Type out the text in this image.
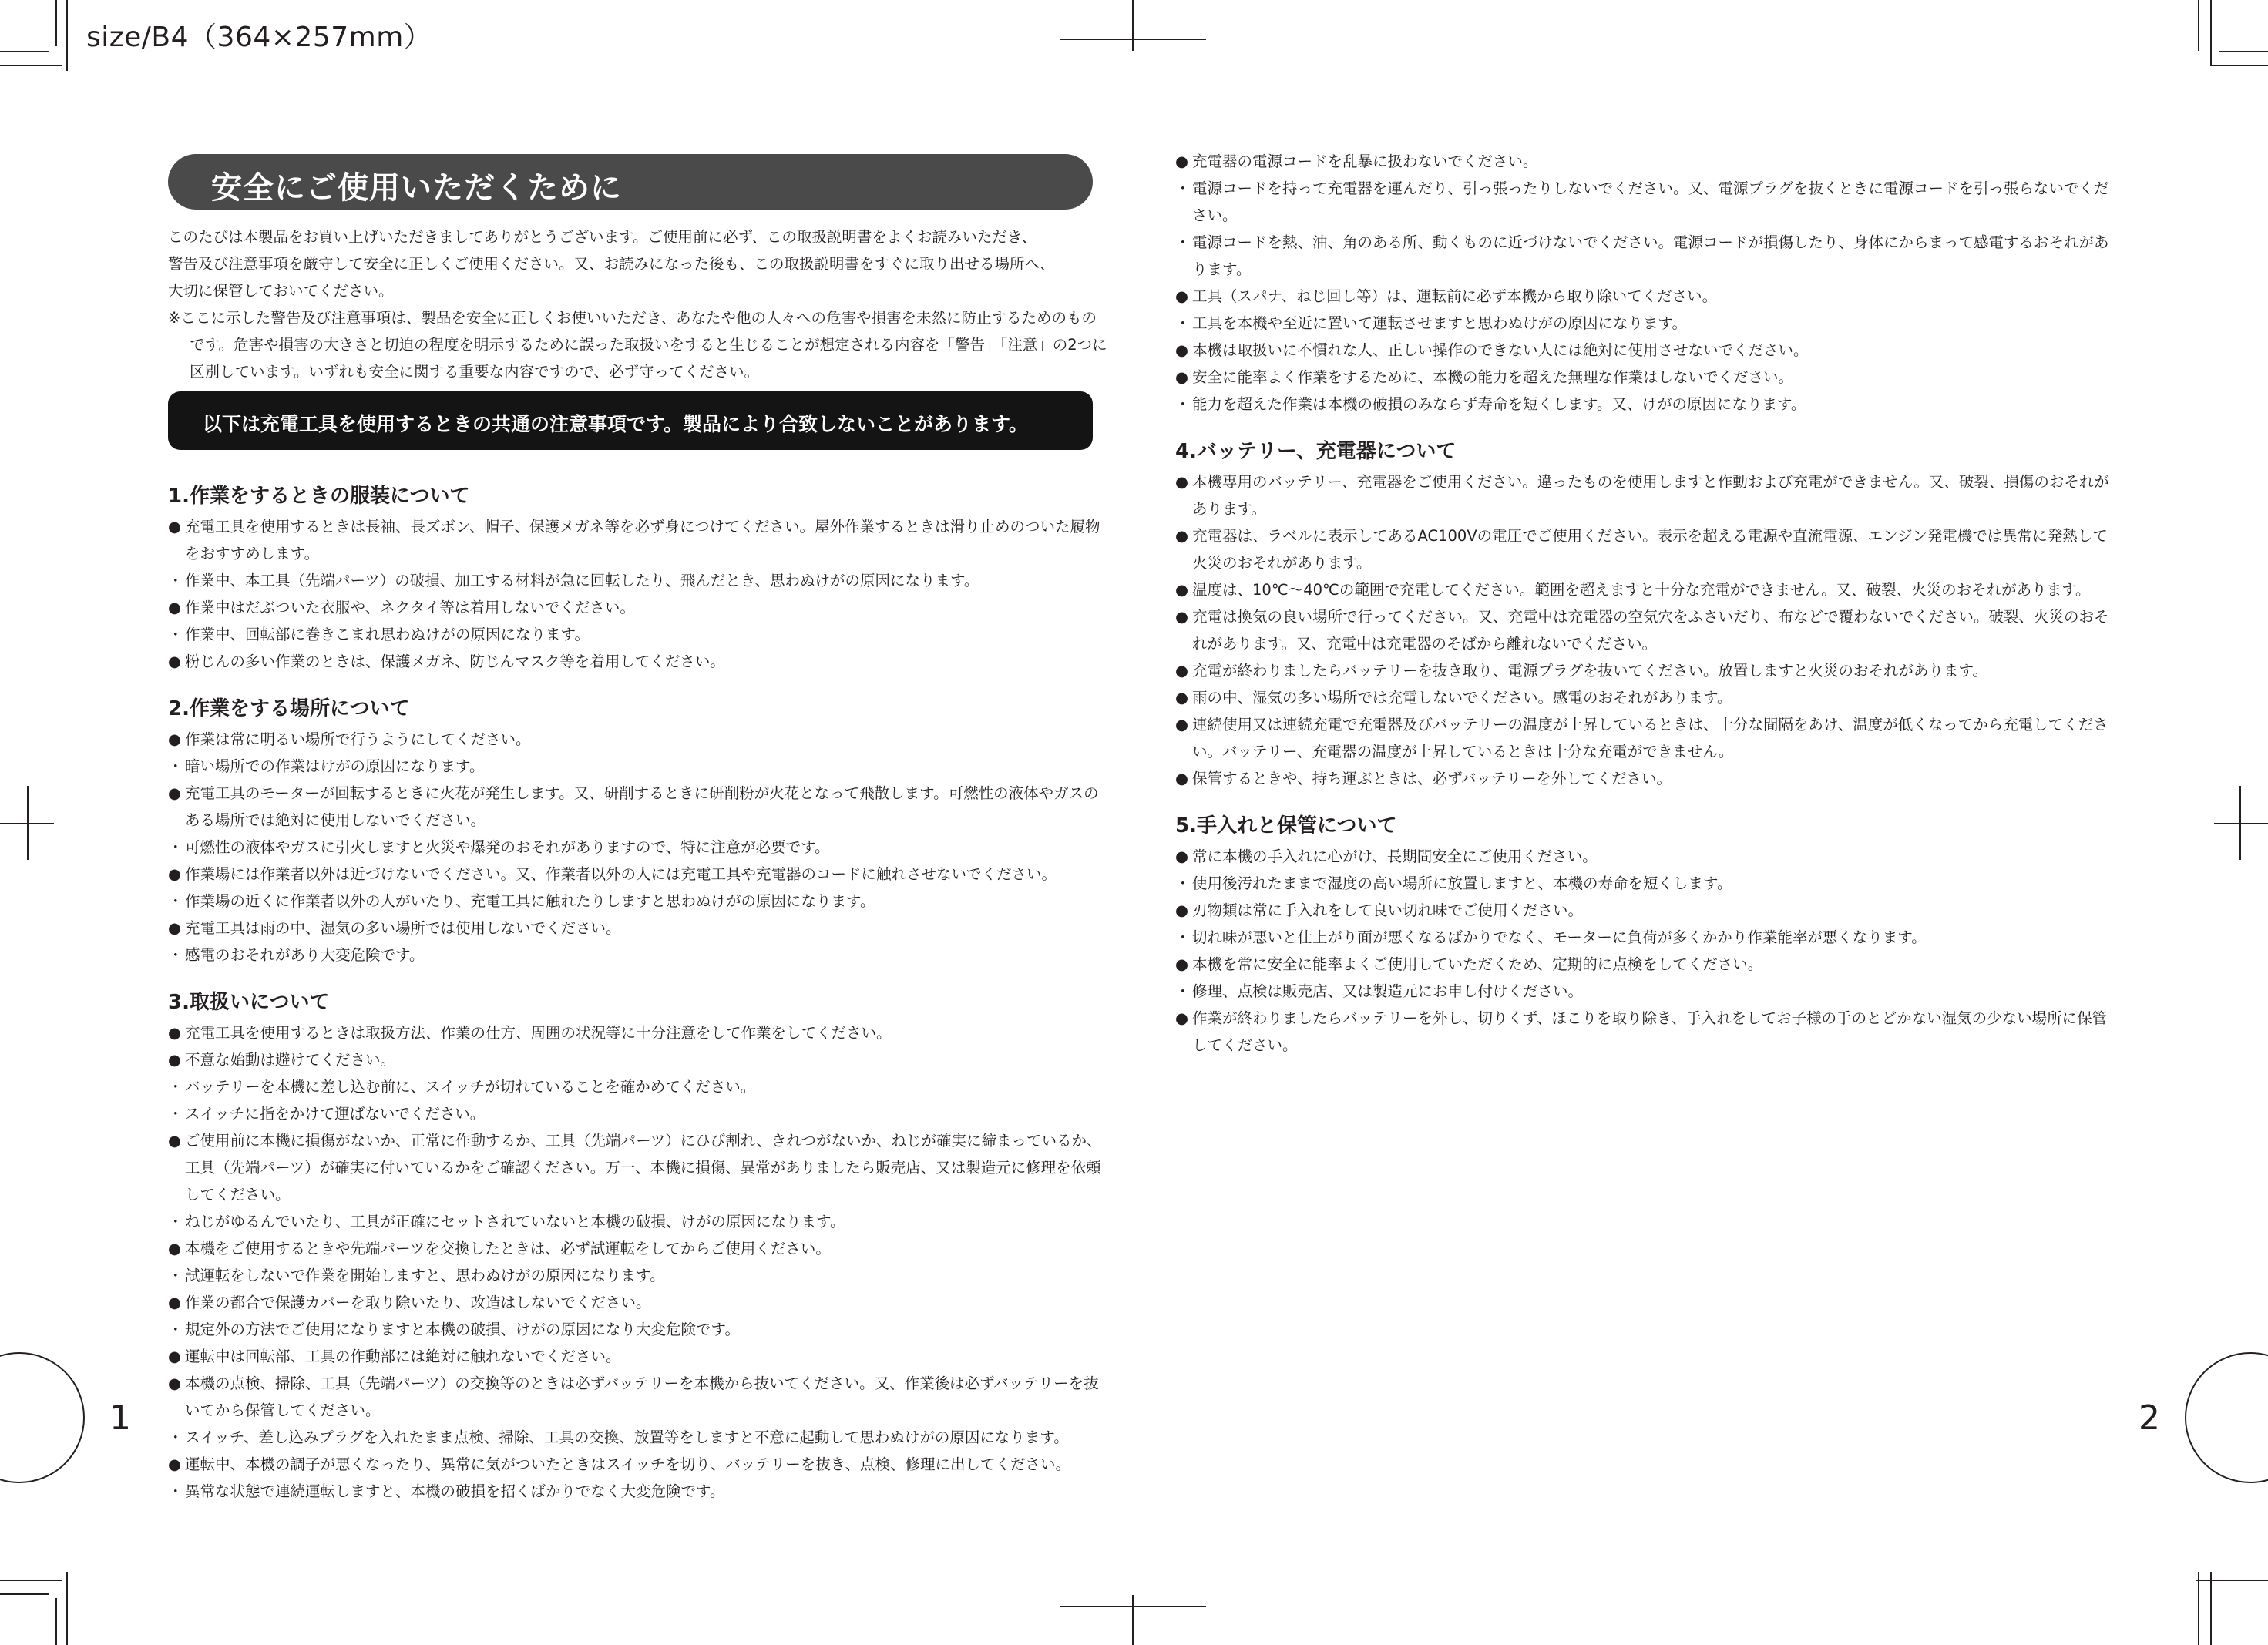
size/B4（364×257mm）
1	2
安全にご使用いただくために

このたびは本製品をお買い上げいただきましてありがとうございます。ご使用前に必ず、この取扱説明書をよくお読みいただき、

警告及び注意事項を厳守して安全に正しくご使用ください。又、お読みになった後も、この取扱説明書をすぐに取り出せる場所へ、

大切に保管しておいてください。

※ここに示した警告及び注意事項は、製品を安全に正しくお使いいただき、あなたや他の人々への危害や損害を未然に防止するためのものです。危害や損害の大きさと切迫の程度を明示するために誤った取扱いをすると生じることが想定される内容を「警告」「注意」の2つに区別しています。いずれも安全に関する重要な内容ですので、必ず守ってください。

以下は充電工具を使用するときの共通の注意事項です。製品により合致しないことがあります。
1.作業をするときの服装について
● 充電工具を使用するときは長袖、長ズボン、帽子、保護メガネ等を必ず身につけてください。屋外作業するときは滑り止めのついた履物をおすすめします。
・ 作業中、本工具（先端パーツ）の破損、加工する材料が急に回転したり、飛んだとき、思わぬけがの原因になります。
● 作業中はだぶついた衣服や、ネクタイ等は着用しないでください。
・ 作業中、回転部に巻きこまれ思わぬけがの原因になります。
● 粉じんの多い作業のときは、保護メガネ、防じんマスク等を着用してください。
2.作業をする場所について
● 作業は常に明るい場所で行うようにしてください。
・ 暗い場所での作業はけがの原因になります。
● 充電工具のモーターが回転するときに火花が発生します。又、研削するときに研削粉が火花となって飛散します。可燃性の液体やガスのある場所では絶対に使用しないでください。
・ 可燃性の液体やガスに引火しますと火災や爆発のおそれがありますので、特に注意が必要です。
● 作業場には作業者以外は近づけないでください。又、作業者以外の人には充電工具や充電器のコードに触れさせないでください。
・ 作業場の近くに作業者以外の人がいたり、充電工具に触れたりしますと思わぬけがの原因になります。
● 充電工具は雨の中、湿気の多い場所では使用しないでください。
・ 感電のおそれがあり大変危険です。
3.取扱いについて
● 充電工具を使用するときは取扱方法、作業の仕方、周囲の状況等に十分注意をして作業をしてください。
● 不意な始動は避けてください。
・ バッテリーを本機に差し込む前に、スイッチが切れていることを確かめてください。
・ スイッチに指をかけて運ばないでください。
● ご使用前に本機に損傷がないか、正常に作動するか、工具（先端パーツ）にひび割れ、きれつがないか、ねじが確実に締まっているか、工具（先端パーツ）が確実に付いているかをご確認ください。万一、本機に損傷、異常がありましたら販売店、又は製造元に修理を依頼してください。
・ ねじがゆるんでいたり、工具が正確にセットされていないと本機の破損、けがの原因になります。
● 本機をご使用するときや先端パーツを交換したときは、必ず試運転をしてからご使用ください。
・ 試運転をしないで作業を開始しますと、思わぬけがの原因になります。
● 作業の都合で保護カバーを取り除いたり、改造はしないでください。
・ 規定外の方法でご使用になりますと本機の破損、けがの原因になり大変危険です。
● 運転中は回転部、工具の作動部には絶対に触れないでください。
● 本機の点検、掃除、工具（先端パーツ）の交換等のときは必ずバッテリーを本機から抜いてください。又、作業後は必ずバッテリーを抜いてから保管してください。
・ スイッチ、差し込みプラグを入れたまま点検、掃除、工具の交換、放置等をしますと不意に起動して思わぬけがの原因になります。
● 運転中、本機の調子が悪くなったり、異常に気がついたときはスイッチを切り、バッテリーを抜き、点検、修理に出してください。
・ 異常な状態で連続運転しますと、本機の破損を招くばかりでなく大変危険です。
● 充電器の電源コードを乱暴に扱わないでください。
・ 電源コードを持って充電器を運んだり、引っ張ったりしないでください。又、電源プラグを抜くときに電源コードを引っ張らないでください。
・ 電源コードを熱、油、角のある所、動くものに近づけないでください。電源コードが損傷したり、身体にからまって感電するおそれがあります。
● 工具（スパナ、ねじ回し等）は、運転前に必ず本機から取り除いてください。
・ 工具を本機や至近に置いて運転させますと思わぬけがの原因になります。
● 本機は取扱いに不慣れな人、正しい操作のできない人には絶対に使用させないでください。
● 安全に能率よく作業をするために、本機の能力を超えた無理な作業はしないでください。
・ 能力を超えた作業は本機の破損のみならず寿命を短くします。又、けがの原因になります。
4.バッテリー、充電器について
● 本機専用のバッテリー、充電器をご使用ください。違ったものを使用しますと作動および充電ができません。又、破裂、損傷のおそれがあります。
● 充電器は、ラベルに表示してあるAC100Vの電圧でご使用ください。表示を超える電源や直流電源、エンジン発電機では異常に発熱して火災のおそれがあります。
● 温度は、10℃～40℃の範囲で充電してください。範囲を超えますと十分な充電ができません。又、破裂、火災のおそれがあります。
● 充電は換気の良い場所で行ってください。又、充電中は充電器の空気穴をふさいだり、布などで覆わないでください。破裂、火災のおそれがあります。又、充電中は充電器のそばから離れないでください。
● 充電が終わりましたらバッテリーを抜き取り、電源プラグを抜いてください。放置しますと火災のおそれがあります。
● 雨の中、湿気の多い場所では充電しないでください。感電のおそれがあります。
● 連続使用又は連続充電で充電器及びバッテリーの温度が上昇しているときは、十分な間隔をあけ、温度が低くなってから充電してください。バッテリー、充電器の温度が上昇しているときは十分な充電ができません。
● 保管するときや、持ち運ぶときは、必ずバッテリーを外してください。
5.手入れと保管について
● 常に本機の手入れに心がけ、長期間安全にご使用ください。
・ 使用後汚れたままで湿度の高い場所に放置しますと、本機の寿命を短くします。
● 刃物類は常に手入れをして良い切れ味でご使用ください。
・ 切れ味が悪いと仕上がり面が悪くなるばかりでなく、モーターに負荷が多くかかり作業能率が悪くなります。
● 本機を常に安全に能率よくご使用していただくため、定期的に点検をしてください。
・ 修理、点検は販売店、又は製造元にお申し付けください。
● 作業が終わりましたらバッテリーを外し、切りくず、ほこりを取り除き、手入れをしてお子様の手のとどかない湿気の少ない場所に保管してください。
